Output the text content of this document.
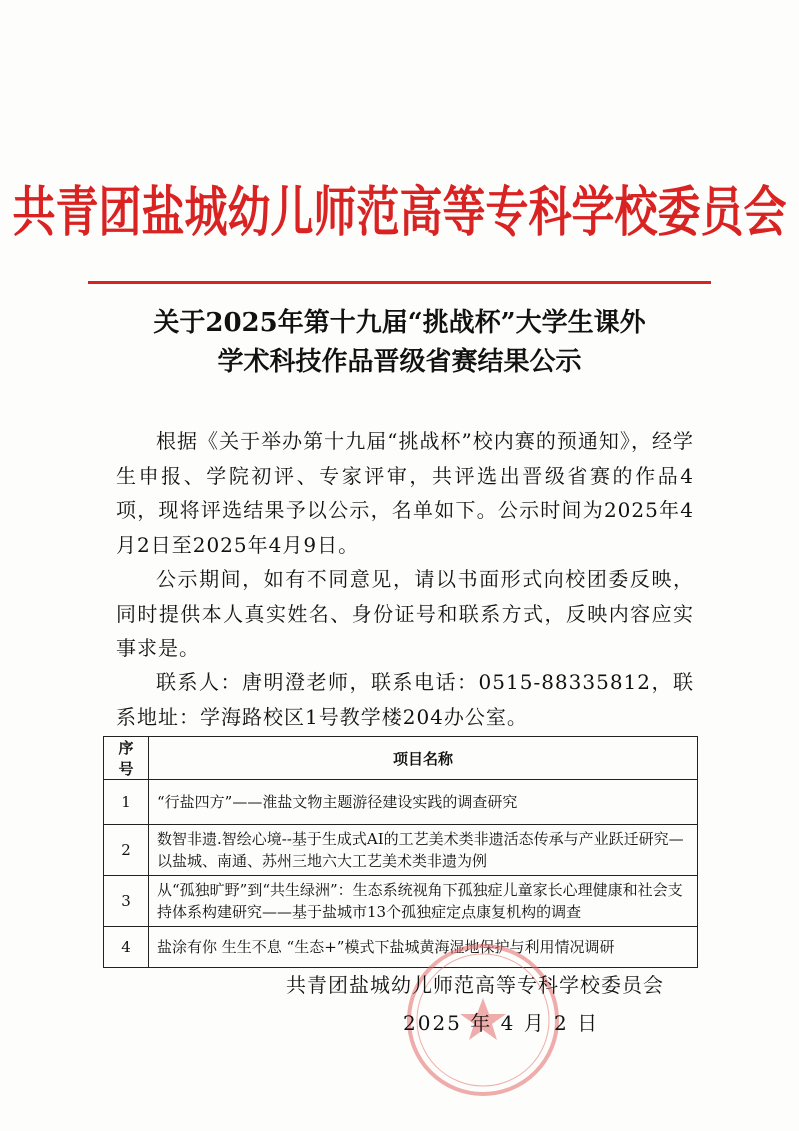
共青团盐城幼儿师范高等专科学校委员会
关于2025年第十九届“挑战杯”大学生课外
学术科技作品晋级省赛结果公示
根据《关于举办第十九届“挑战杯”校内赛的预通知》，经学生申报、学院初评、专家评审，共评选出晋级省赛的作品4项，现将评选结果予以公示，名单如下。公示时间为2025年4月2日至2025年4月9日。
公示期间，如有不同意见，请以书面形式向校团委反映，同时提供本人真实姓名、身份证号和联系方式，反映内容应实事求是。
联系人：唐明澄老师，联系电话：0515-88335812，联系地址：学海路校区1号教学楼204办公室。
序号	项目名称
1	“行盐四方”——淮盐文物主题游径建设实践的调查研究
2	数智非遗.智绘心境--基于生成式AI的工艺美术类非遗活态传承与产业跃迁研究—以盐城、南通、苏州三地六大工艺美术类非遗为例
3	从“孤独旷野”到“共生绿洲”：生态系统视角下孤独症儿童家长心理健康和社会支持体系构建研究——基于盐城市13个孤独症定点康复机构的调查
4	盐涂有你 生生不息 “生态+”模式下盐城黄海湿地保护与利用情况调研
共青团盐城幼儿师范高等专科学校委员会
2025 年 4 月 2 日
